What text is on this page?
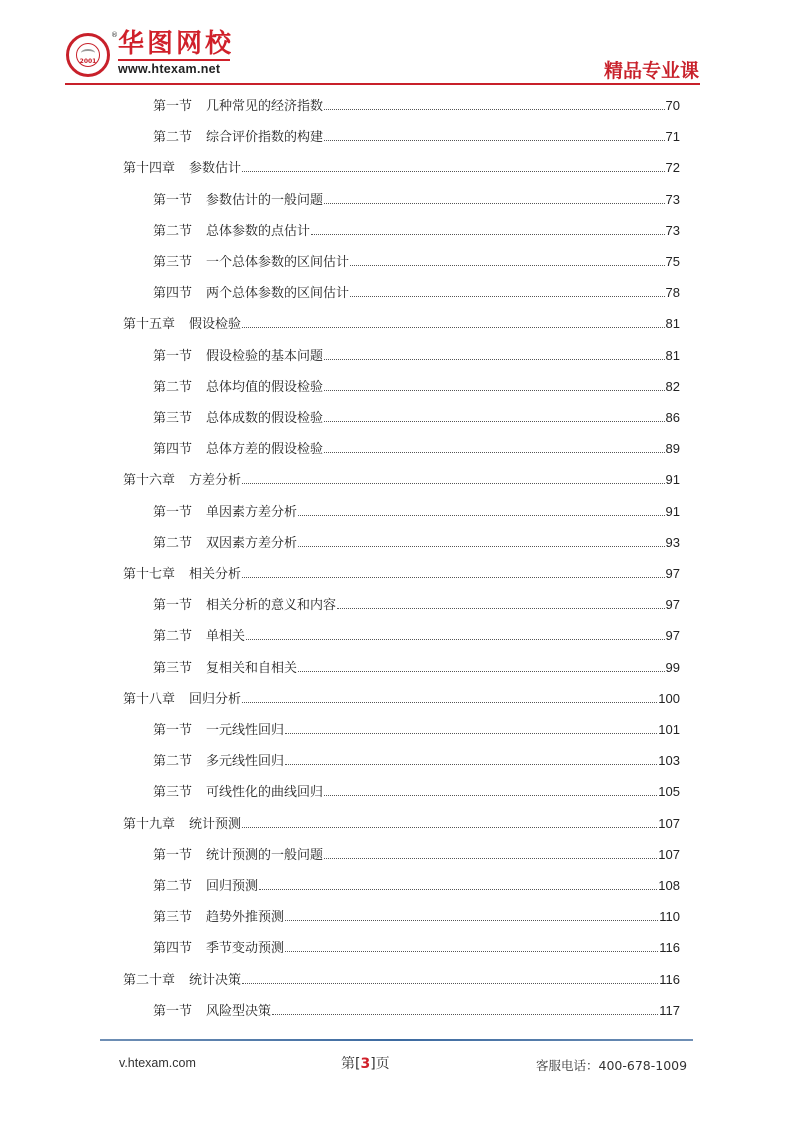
2001
® 华图网校
www.htexam.net	精品专业课
第一节 几种常见的经济指数	70
第二节 综合评价指数的构建	71
第十四章 参数估计	72
第一节 参数估计的一般问题	73
第二节 总体参数的点估计	73
第三节 一个总体参数的区间估计	75
第四节 两个总体参数的区间估计	78
第十五章 假设检验	81
第一节 假设检验的基本问题	81
第二节 总体均值的假设检验	82
第三节 总体成数的假设检验	86
第四节 总体方差的假设检验	89
第十六章 方差分析	91
第一节 单因素方差分析	91
第二节 双因素方差分析	93
第十七章 相关分析	97
第一节 相关分析的意义和内容	97
第二节 单相关	97
第三节 复相关和自相关	99
第十八章 回归分析	100
第一节 一元线性回归	101
第二节 多元线性回归	103
第三节 可线性化的曲线回归	105
第十九章 统计预测	107
第一节 统计预测的一般问题	107
第二节 回归预测	108
第三节 趋势外推预测	110
第四节 季节变动预测	116
第二十章 统计决策	116
第一节 风险型决策	117
v.htexam.com	第[3]页	客服电话：400-678-1009
